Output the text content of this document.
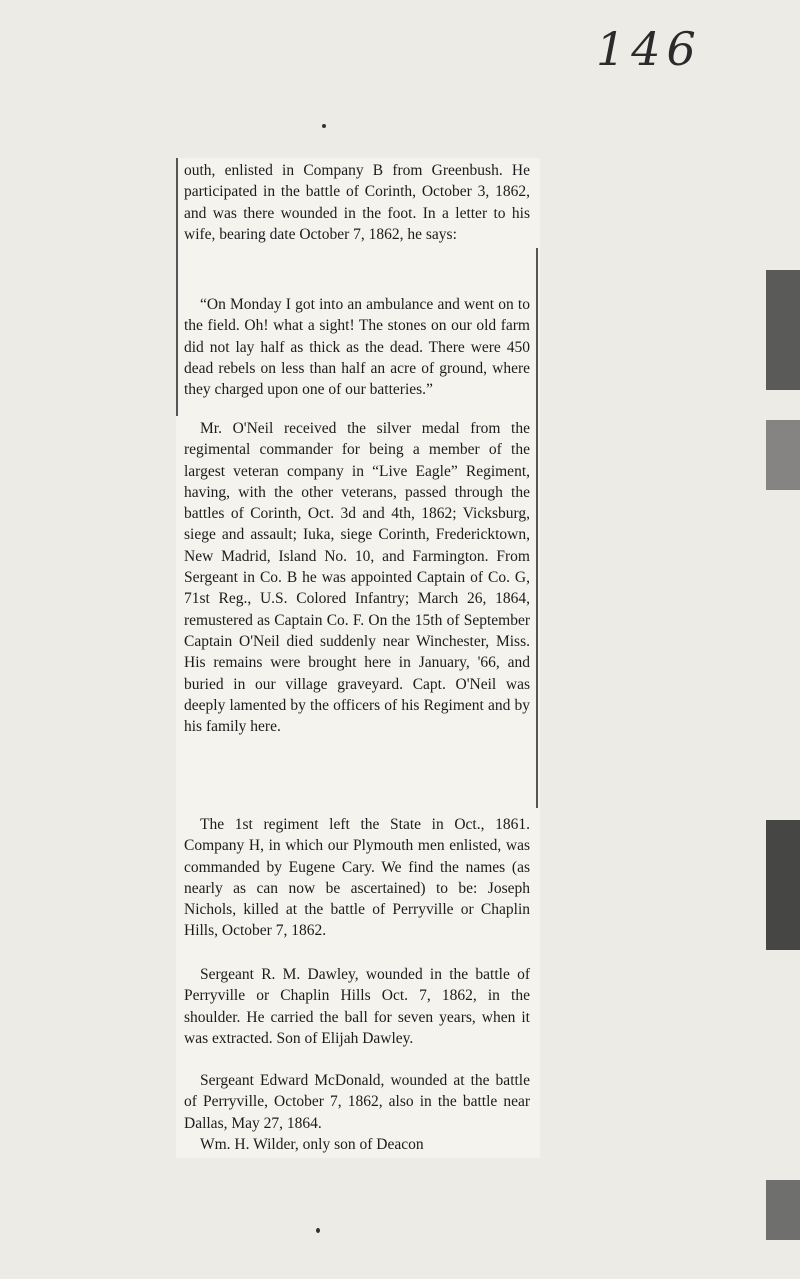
146

outh, enlisted in Company B from Greenbush. He participated in the battle of Corinth, October 3, 1862, and was there wounded in the foot. In a letter to his wife, bearing date October 7, 1862, he says:

“On Monday I got into an ambulance and went on to the field. Oh! what a sight! The stones on our old farm did not lay half as thick as the dead. There were 450 dead rebels on less than half an acre of ground, where they charged upon one of our batteries.”

Mr. O'Neil received the silver medal from the regimental commander for being a member of the largest veteran company in “Live Eagle” Regiment, having, with the other veterans, passed through the battles of Corinth, Oct. 3d and 4th, 1862; Vicksburg, siege and assault; Iuka, siege Corinth, Fredericktown, New Madrid, Island No. 10, and Farmington. From Sergeant in Co. B he was appointed Captain of Co. G, 71st Reg., U.S. Colored Infantry; March 26, 1864, remustered as Captain Co. F. On the 15th of September Captain O'Neil died suddenly near Winchester, Miss. His remains were brought here in January, '66, and buried in our village graveyard. Capt. O'Neil was deeply lamented by the officers of his Regiment and by his family here.

The 1st regiment left the State in Oct., 1861. Company H, in which our Plymouth men enlisted, was commanded by Eugene Cary. We find the names (as nearly as can now be ascertained) to be: Joseph Nichols, killed at the battle of Perryville or Chaplin Hills, October 7, 1862.

Sergeant R. M. Dawley, wounded in the battle of Perryville or Chaplin Hills Oct. 7, 1862, in the shoulder. He carried the ball for seven years, when it was extracted. Son of Elijah Dawley.

Sergeant Edward McDonald, wounded at the battle of Perryville, October 7, 1862, also in the battle near Dallas, May 27, 1864.

Wm. H. Wilder, only son of Deacon
